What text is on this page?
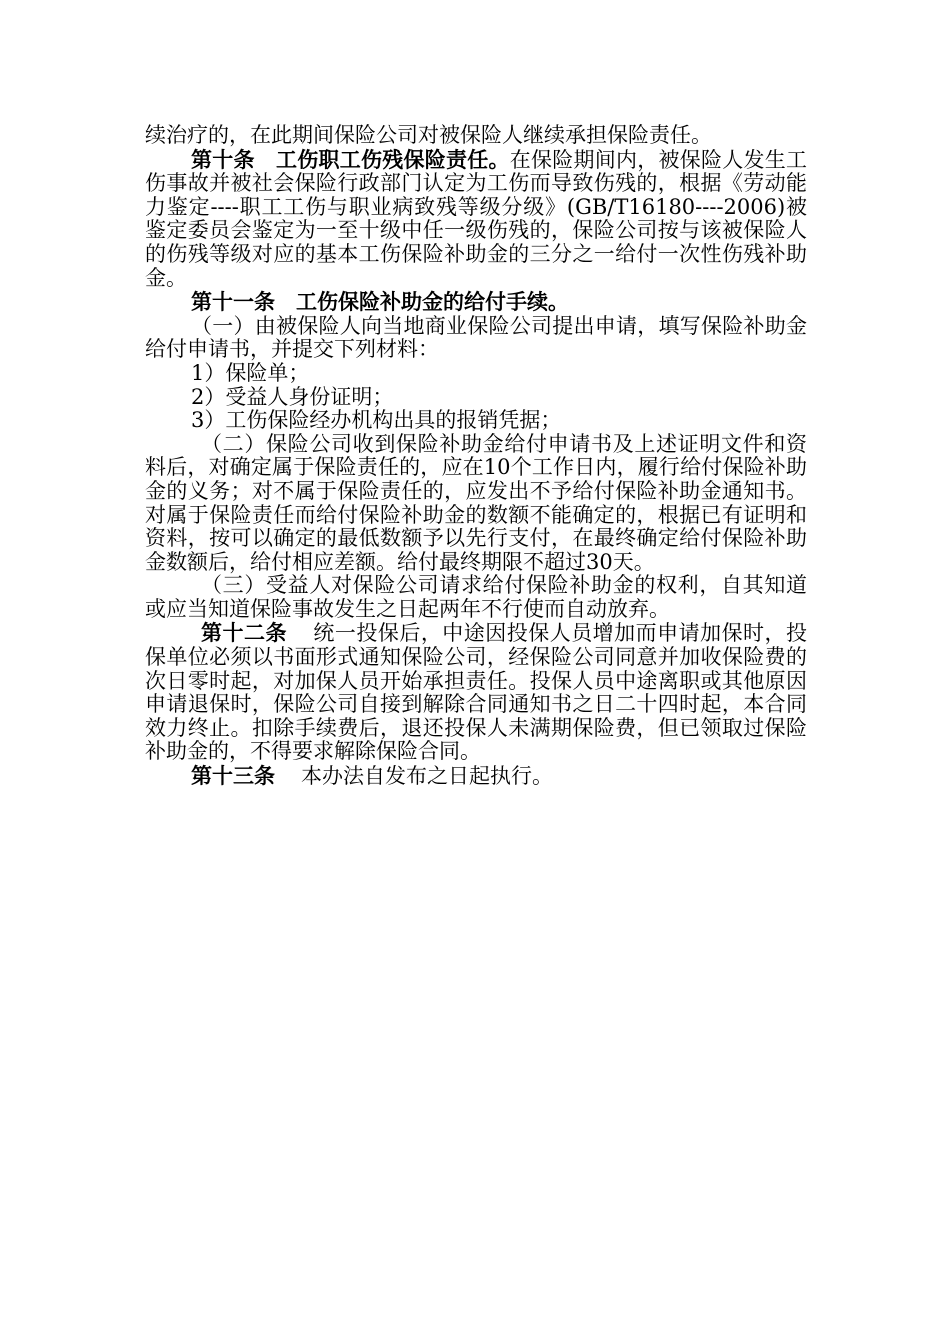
续治疗的，在此期间保险公司对被保险人继续承担保险责任。

第十条　工伤职工伤残保险责任。在保险期间内，被保险人发生工伤事故并被社会保险行政部门认定为工伤而导致伤残的，根据《劳动能力鉴定----职工工伤与职业病致残等级分级》(GB/T16180----2006)被鉴定委员会鉴定为一至十级中任一级伤残的，保险公司按与该被保险人的伤残等级对应的基本工伤保险补助金的三分之一给付一次性伤残补助金。

第十一条　工伤保险补助金的给付手续。

（一）由被保险人向当地商业保险公司提出申请，填写保险补助金给付申请书，并提交下列材料：

1）保险单；

2）受益人身份证明；

3）工伤保险经办机构出具的报销凭据；

（二）保险公司收到保险补助金给付申请书及上述证明文件和资料后，对确定属于保险责任的，应在10个工作日内，履行给付保险补助金的义务；对不属于保险责任的，应发出不予给付保险补助金通知书。对属于保险责任而给付保险补助金的数额不能确定的，根据已有证明和资料，按可以确定的最低数额予以先行支付，在最终确定给付保险补助金数额后，给付相应差额。给付最终期限不超过30天。

（三）受益人对保险公司请求给付保险补助金的权利，自其知道或应当知道保险事故发生之日起两年不行使而自动放弃。

第十二条 统一投保后，中途因投保人员增加而申请加保时，投保单位必须以书面形式通知保险公司，经保险公司同意并加收保险费的次日零时起，对加保人员开始承担责任。投保人员中途离职或其他原因申请退保时，保险公司自接到解除合同通知书之日二十四时起，本合同效力终止。扣除手续费后，退还投保人未满期保险费，但已领取过保险补助金的，不得要求解除保险合同。

第十三条 本办法自发布之日起执行。
